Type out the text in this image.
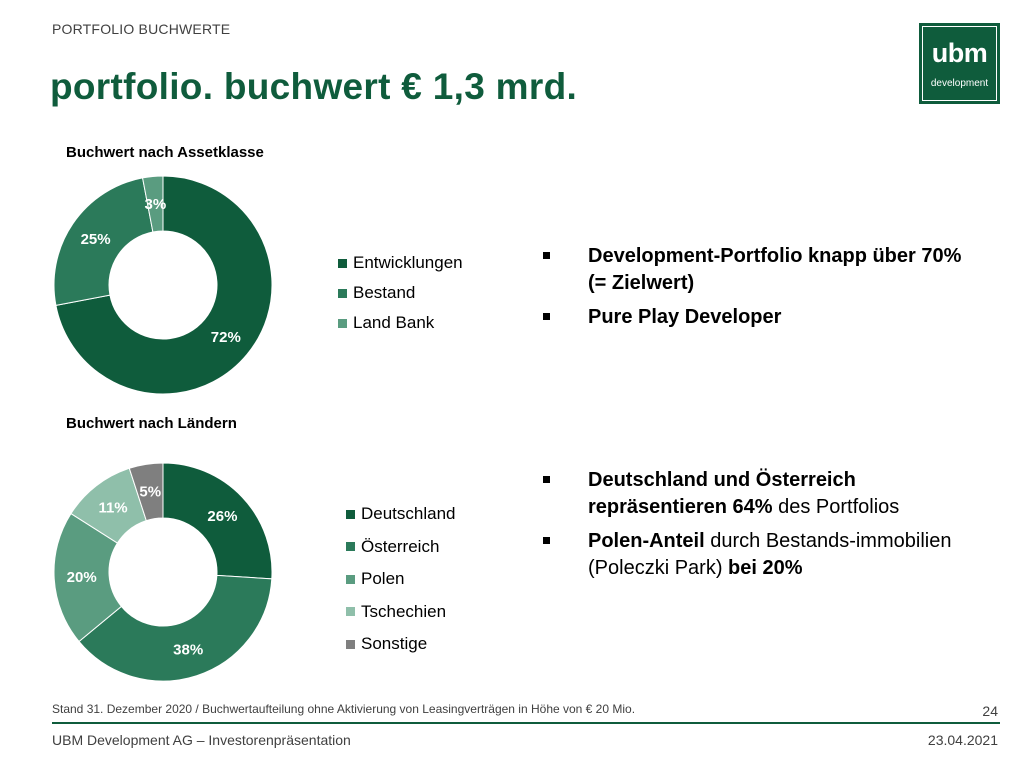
PORTFOLIO BUCHWERTE
portfolio. buchwert € 1,3 mrd.
ubm
development
Buchwert nach Assetklasse
72%
25%
3%
Entwicklungen
Bestand
Land Bank
Buchwert nach Ländern
26%
38%
20%
11%
5%
Deutschland
Österreich
Polen
Tschechien
Sonstige
Development-Portfolio knapp über 70% (= Zielwert)
Pure Play Developer
Deutschland und Österreich repräsentieren 64% des Portfolios
Polen-Anteil durch Bestands-immobilien (Poleczki Park) bei 20%
Stand 31. Dezember 2020 / Buchwertaufteilung ohne Aktivierung von Leasingverträgen in Höhe von € 20 Mio.	24
UBM Development AG – Investorenpräsentation	23.04.2021
